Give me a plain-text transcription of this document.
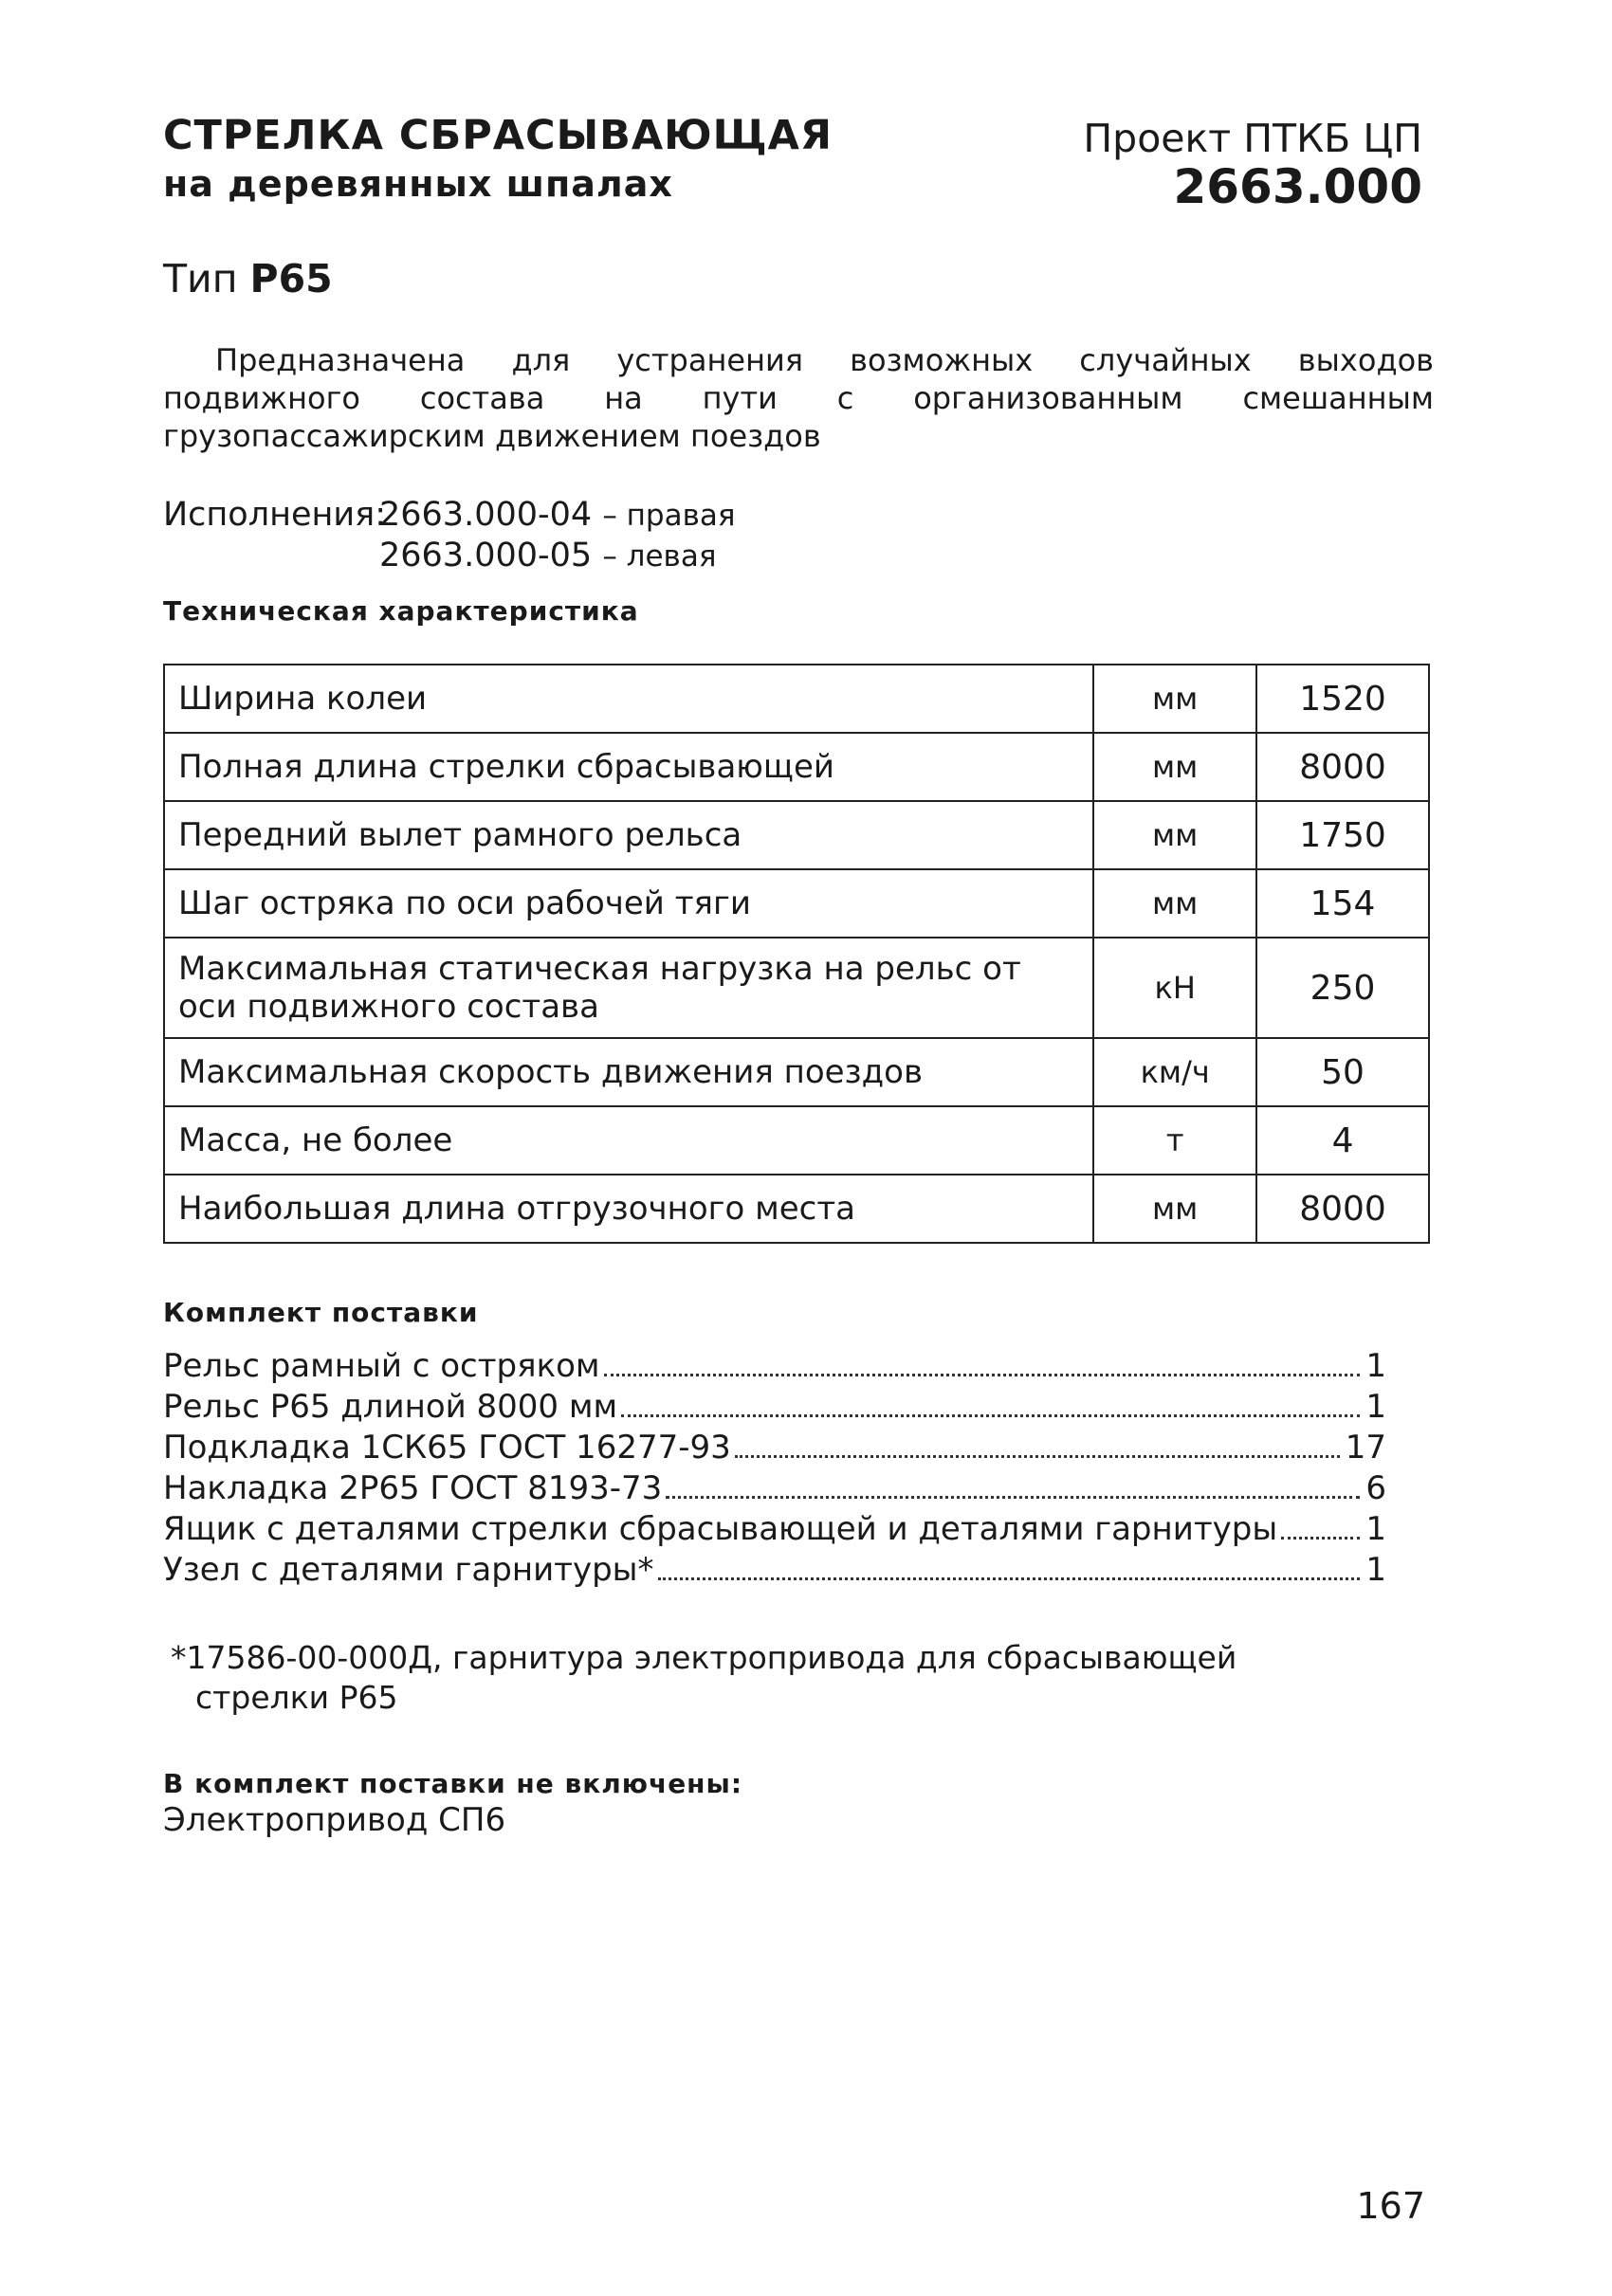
СТРЕЛКА СБРАСЫВАЮЩАЯ
на деревянных шпалах
Проект ПТКБ ЦП
2663.000
Тип Р65

Предназначена для устранения возможных случайных выходов подвижного состава на пути с организованным смешанным грузопассажирским движением поездов

Исполнения:2663.000-04 – правая
2663.000-05 – левая
Техническая характеристика
Ширина колеи	мм	1520
Полная длина стрелки сбрасывающей	мм	8000
Передний вылет рамного рельса	мм	1750
Шаг остряка по оси рабочей тяги	мм	154
Максимальная статическая нагрузка на рельс от оси подвижного состава	кН	250
Максимальная скорость движения поездов	км/ч	50
Масса, не более	т	4
Наибольшая длина отгрузочного места	мм	8000
Комплект поставки
Рельс рамный с остряком	1
Рельс Р65 длиной 8000 мм	1
Подкладка 1СК65 ГОСТ 16277-93	17
Накладка 2Р65 ГОСТ 8193-73	6
Ящик с деталями стрелки сбрасывающей и деталями гарнитуры	1
Узел с деталями гарнитуры*	1

*17586-00-000Д, гарнитура электропривода для сбрасывающей стрелки Р65

В комплект поставки не включены:
Электропривод СП6
167
